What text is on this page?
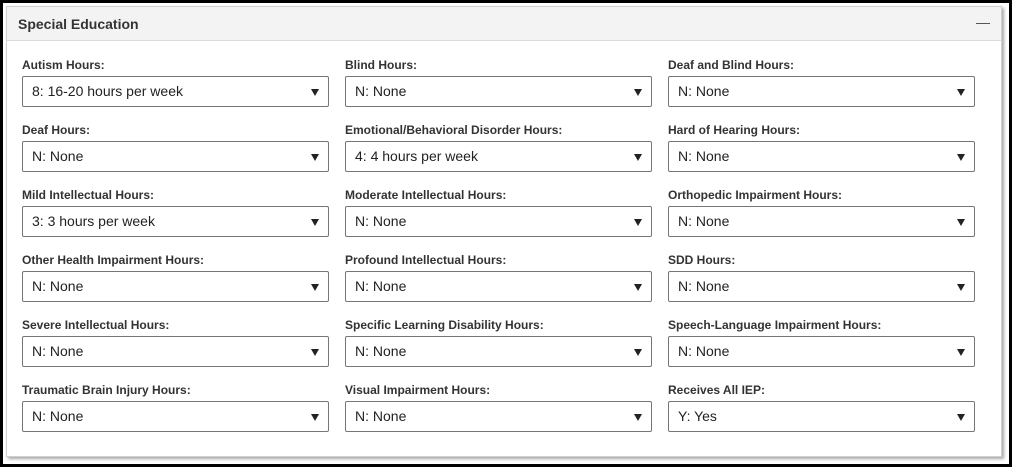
Special Education
Autism Hours:
8: 16-20 hours per week
Blind Hours:
N: None
Deaf and Blind Hours:
N: None
Deaf Hours:
N: None
Emotional/Behavioral Disorder Hours:
4: 4 hours per week
Hard of Hearing Hours:
N: None
Mild Intellectual Hours:
3: 3 hours per week
Moderate Intellectual Hours:
N: None
Orthopedic Impairment Hours:
N: None
Other Health Impairment Hours:
N: None
Profound Intellectual Hours:
N: None
SDD Hours:
N: None
Severe Intellectual Hours:
N: None
Specific Learning Disability Hours:
N: None
Speech-Language Impairment Hours:
N: None
Traumatic Brain Injury Hours:
N: None
Visual Impairment Hours:
N: None
Receives All IEP:
Y: Yes
